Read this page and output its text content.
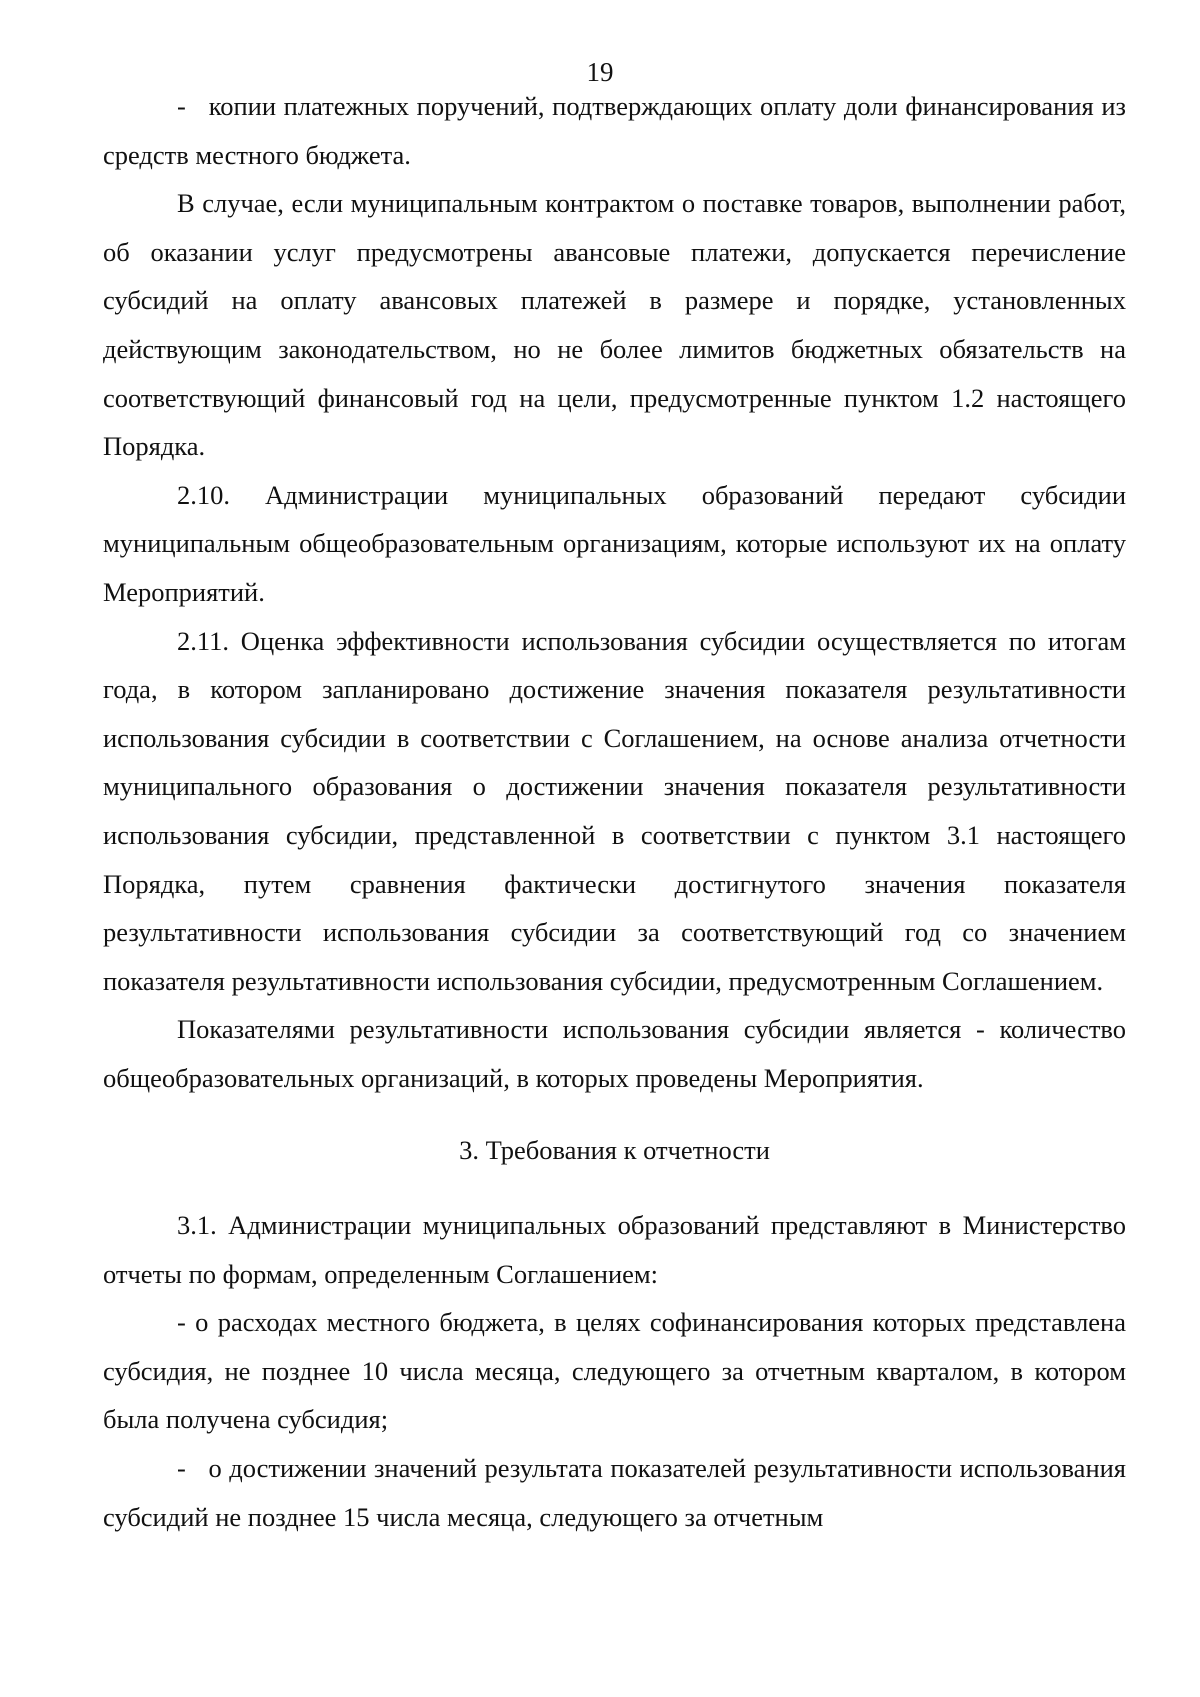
19

-   копии платежных поручений, подтверждающих оплату доли финансирования из средств местного бюджета.

В случае, если муниципальным контрактом о поставке товаров, выполнении работ, об оказании услуг предусмотрены авансовые платежи, допускается перечисление субсидий на оплату авансовых платежей в размере и порядке, установленных действующим законодательством, но не более лимитов бюджетных обязательств на соответствующий финансовый год на цели, предусмотренные пунктом 1.2 настоящего Порядка.

2.10. Администрации муниципальных образований передают субсидии муниципальным общеобразовательным организациям, которые используют их на оплату Мероприятий.

2.11. Оценка эффективности использования субсидии осуществляется по итогам года, в котором запланировано достижение значения показателя результативности использования субсидии в соответствии с Соглашением, на основе анализа отчетности муниципального образования о достижении значения показателя результативности использования субсидии, представленной в соответствии с пунктом 3.1 настоящего Порядка, путем сравнения фактически достигнутого значения показателя результативности использования субсидии за соответствующий год со значением показателя результативности использования субсидии, предусмотренным Соглашением.

Показателями результативности использования субсидии является - количество общеобразовательных организаций, в которых проведены Мероприятия.

3. Требования к отчетности

3.1. Администрации муниципальных образований представляют в Министерство отчеты по формам, определенным Соглашением:

- о расходах местного бюджета, в целях софинансирования которых представлена субсидия, не позднее 10 числа месяца, следующего за отчетным кварталом, в котором была получена субсидия;

-   о достижении значений результата показателей результативности использования субсидий не позднее 15 числа месяца, следующего за отчетным
